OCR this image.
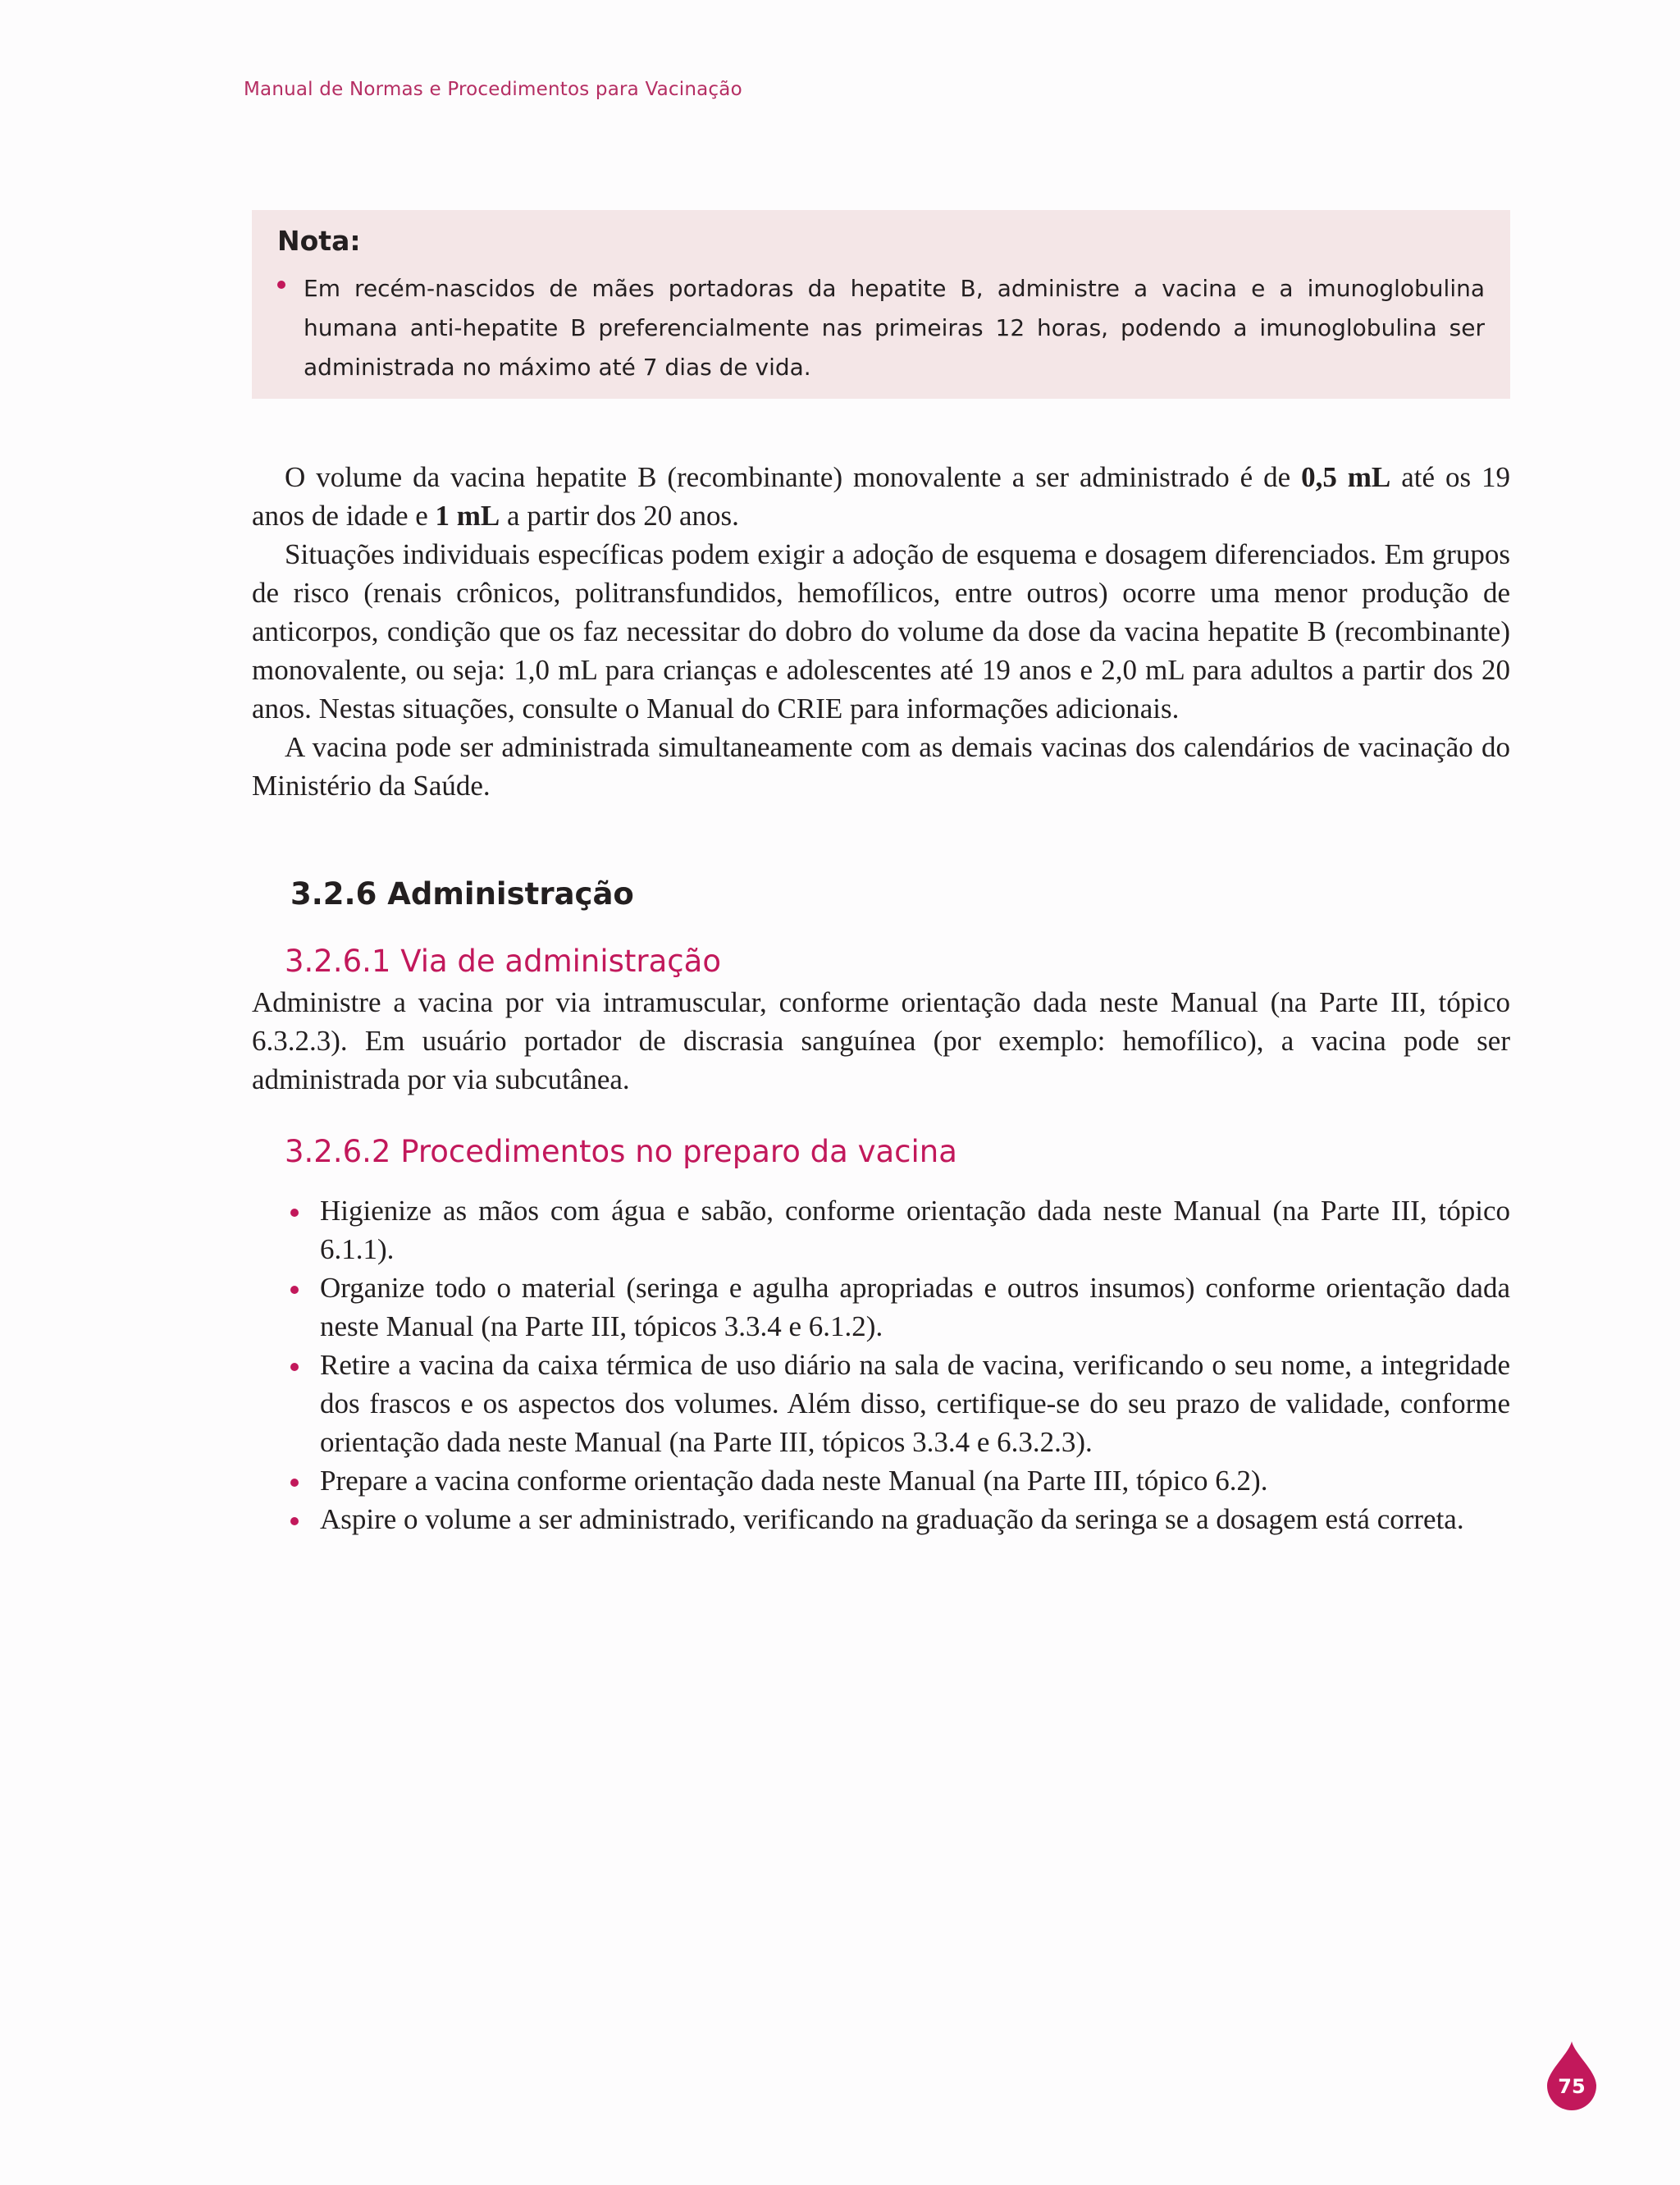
Manual de Normas e Procedimentos para Vacinação
Nota:
Em recém-nascidos de mães portadoras da hepatite B, administre a vacina e a imunoglobulina humana anti-hepatite B preferencialmente nas primeiras 12 horas, podendo a imunoglobulina ser administrada no máximo até 7 dias de vida.

O volume da vacina hepatite B (recombinante) monovalente a ser administrado é de 0,5 mL até os 19 anos de idade e 1 mL a partir dos 20 anos.

Situações individuais específicas podem exigir a adoção de esquema e dosagem diferenciados. Em grupos de risco (renais crônicos, politransfundidos, hemofílicos, entre outros) ocorre uma menor produção de anticorpos, condição que os faz necessitar do dobro do volume da dose da vacina hepatite B (recombinante) monovalente, ou seja: 1,0 mL para crianças e adolescentes até 19 anos e 2,0 mL para adultos a partir dos 20 anos. Nestas situações, consulte o Manual do CRIE para informações adicionais.

A vacina pode ser administrada simultaneamente com as demais vacinas dos calendários de vacinação do Ministério da Saúde.

3.2.6 Administração
3.2.6.1 Via de administração

Administre a vacina por via intramuscular, conforme orientação dada neste Manual (na Parte III, tópico 6.3.2.3). Em usuário portador de discrasia sanguínea (por exemplo: hemofílico), a vacina pode ser administrada por via subcutânea.

3.2.6.2 Procedimentos no preparo da vacina
Higienize as mãos com água e sabão, conforme orientação dada neste Manual (na Parte III, tópico 6.1.1).
Organize todo o material (seringa e agulha apropriadas e outros insumos) conforme orientação dada neste Manual (na Parte III, tópicos 3.3.4 e 6.1.2).
Retire a vacina da caixa térmica de uso diário na sala de vacina, verificando o seu nome, a integridade dos frascos e os aspectos dos volumes. Além disso, certifique-se do seu prazo de validade, conforme orientação dada neste Manual (na Parte III, tópicos 3.3.4 e 6.3.2.3).
Prepare a vacina conforme orientação dada neste Manual (na Parte III, tópico 6.2).
Aspire o volume a ser administrado, verificando na graduação da seringa se a dosagem está correta.
75
